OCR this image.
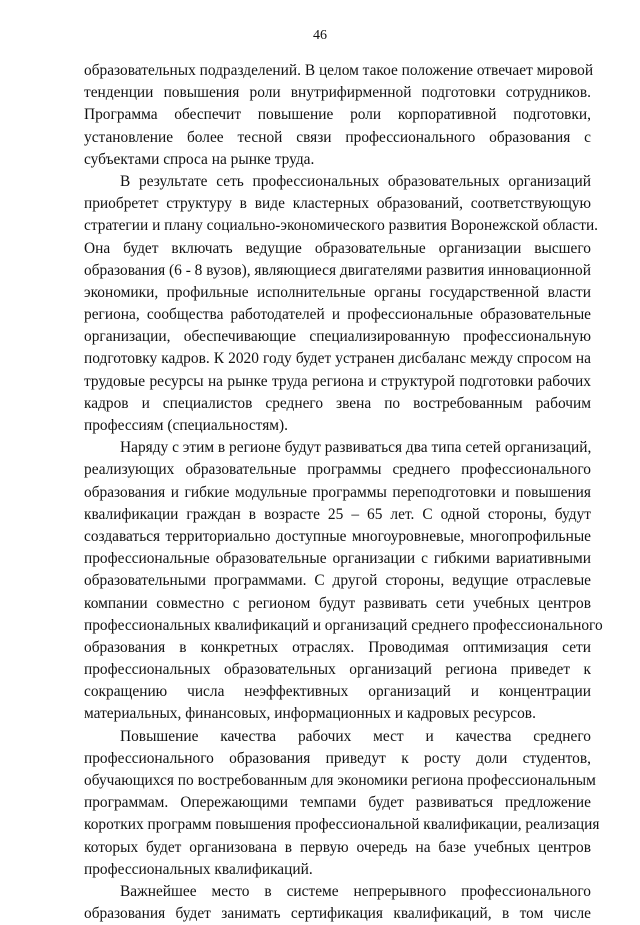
46
образовательных подразделений. В целом такое положение отвечает мировой
тенденции повышения роли внутрифирменной подготовки сотрудников.
Программа обеспечит повышение роли корпоративной подготовки,
установление более тесной связи профессионального образования с
субъектами спроса на рынке труда.
В результате сеть профессиональных образовательных организаций
приобретет структуру в виде кластерных образований, соответствующую
стратегии и плану социально-экономического развития Воронежской области.
Она будет включать ведущие образовательные организации высшего
образования (6 - 8 вузов), являющиеся двигателями развития инновационной
экономики, профильные исполнительные органы государственной власти
региона, сообщества работодателей и профессиональные образовательные
организации, обеспечивающие специализированную профессиональную
подготовку кадров. К 2020 году будет устранен дисбаланс между спросом на
трудовые ресурсы на рынке труда региона и структурой подготовки рабочих
кадров и специалистов среднего звена по востребованным рабочим
профессиям (специальностям).
Наряду с этим в регионе будут развиваться два типа сетей организаций,
реализующих образовательные программы среднего профессионального
образования и гибкие модульные программы переподготовки и повышения
квалификации граждан в возрасте 25 – 65 лет. С одной стороны, будут
создаваться территориально доступные многоуровневые, многопрофильные
профессиональные образовательные организации с гибкими вариативными
образовательными программами. С другой стороны, ведущие отраслевые
компании совместно с регионом будут развивать сети учебных центров
профессиональных квалификаций и организаций среднего профессионального
образования в конкретных отраслях. Проводимая оптимизация сети
профессиональных образовательных организаций региона приведет к
сокращению числа неэффективных организаций и концентрации
материальных, финансовых, информационных и кадровых ресурсов.
Повышение качества рабочих мест и качества среднего
профессионального образования приведут к росту доли студентов,
обучающихся по востребованным для экономики региона профессиональным
программам. Опережающими темпами будет развиваться предложение
коротких программ повышения профессиональной квалификации, реализация
которых будет организована в первую очередь на базе учебных центров
профессиональных квалификаций.
Важнейшее место в системе непрерывного профессионального
образования будет занимать сертификация квалификаций, в том числе
